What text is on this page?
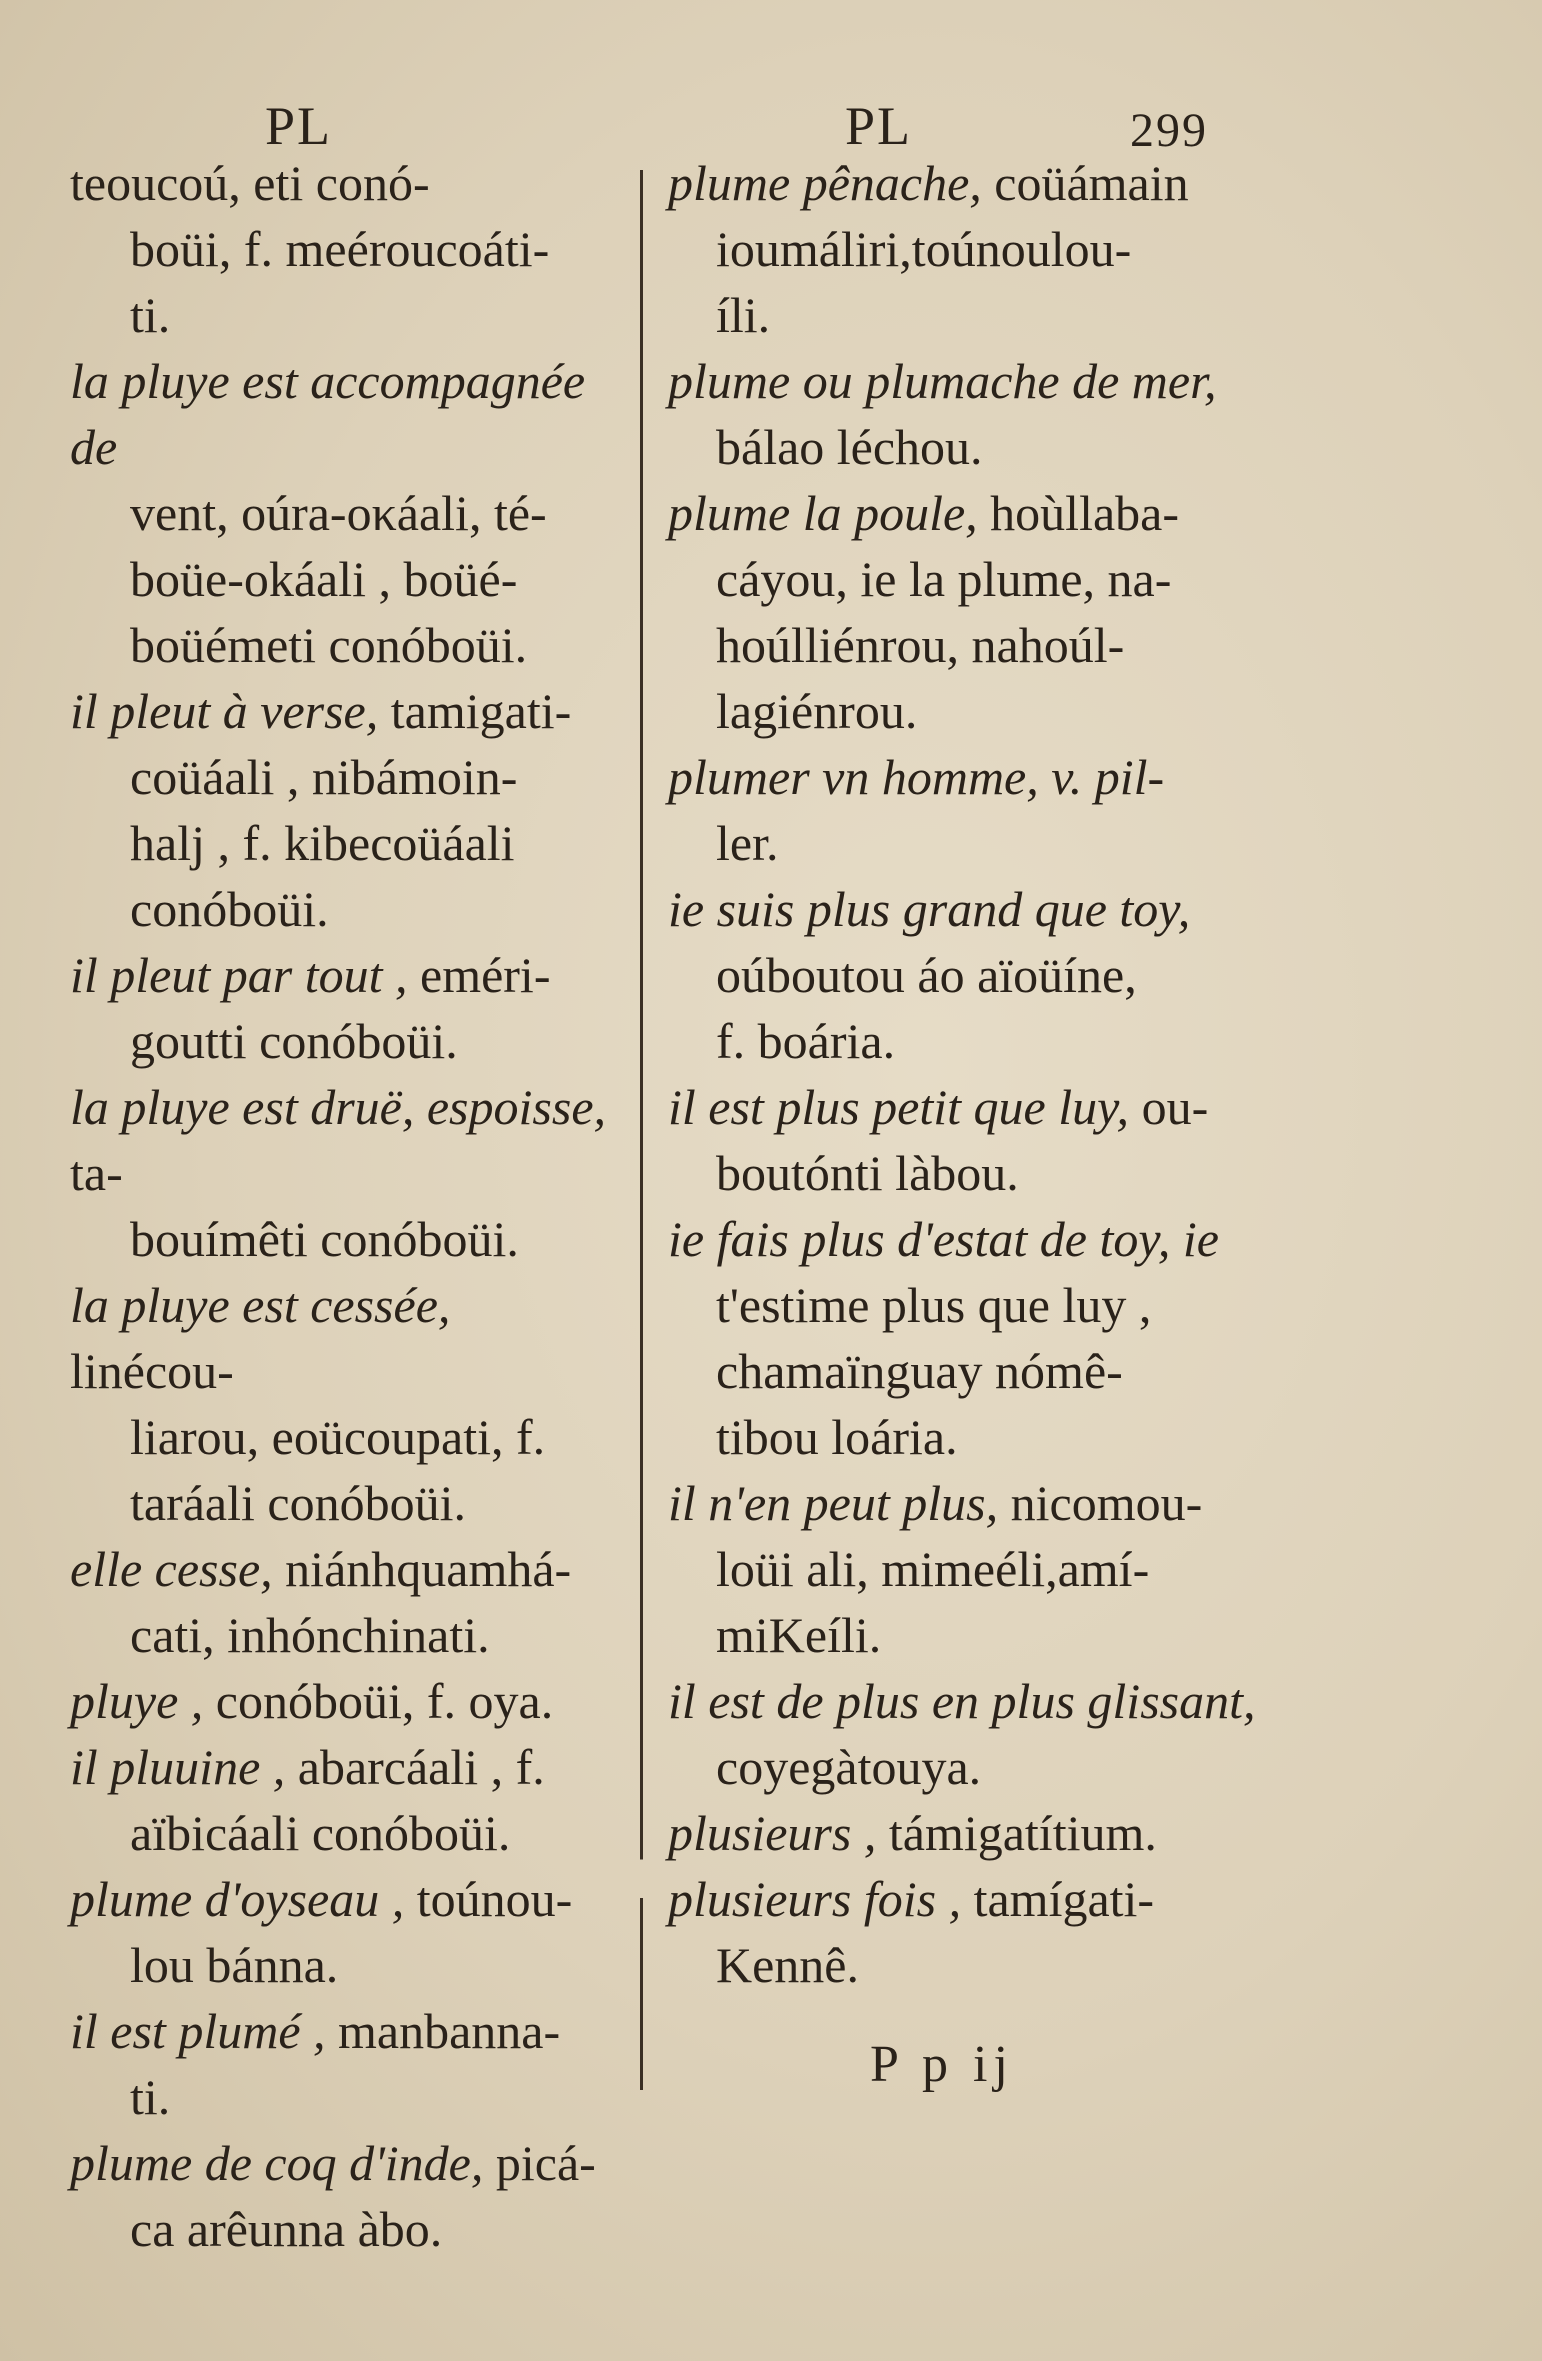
PL	PL	299
teoucoú, eti conó-
boüi, f. meéroucoáti-
ti.
la pluye est accompagnée de
vent, oúra-oκáali, té-
boüe-okáali , boüé-
boüémeti conóboüi.
il pleut à verse, tamigati-
coüáali , nibámoin-
halj , f. kibecoüáali
conóboüi.
il pleut par tout , eméri-
goutti conóboüi.
la pluye est druë, espoisse, ta-
bouímêti conóboüi.
la pluye est cessée, linécou-
liarou, eoücoupati, f.
taráali conóboüi.
elle cesse, niánhquamhá-
cati, inhónchinati.
pluye , conóboüi, f. oya.
il pluuine , abarcáali , f.
aïbicáali conóboüi.
plume d'oyseau , toúnou-
lou bánna.
il est plumé , manbanna-
ti.
plume de coq d'inde, picá-
ca arêunna àbo.
plume pênache, coüámain
ioumáliri,toúnoulou-
íli.
plume ou plumache de mer,
bálao léchou.
plume la poule, hoùllaba-
cáyou, ie la plume, na-
hoúlliénrou, nahoúl-
lagiénrou.
plumer vn homme, v. pil-
ler.
ie suis plus grand que toy,
oúboutou áo aïoüíne,
f. boária.
il est plus petit que luy, ou-
boutónti làbou.
ie fais plus d'estat de toy, ie
t'estime plus que luy ,
chamaïnguay nómê-
tibou loária.
il n'en peut plus, nicomou-
loüi ali, mimeéli,amí-
miKeíli.
il est de plus en plus glissant,
coyegàtouya.
plusieurs , támigatítium.
plusieurs fois , tamígati-
Kennê.
P p ij
